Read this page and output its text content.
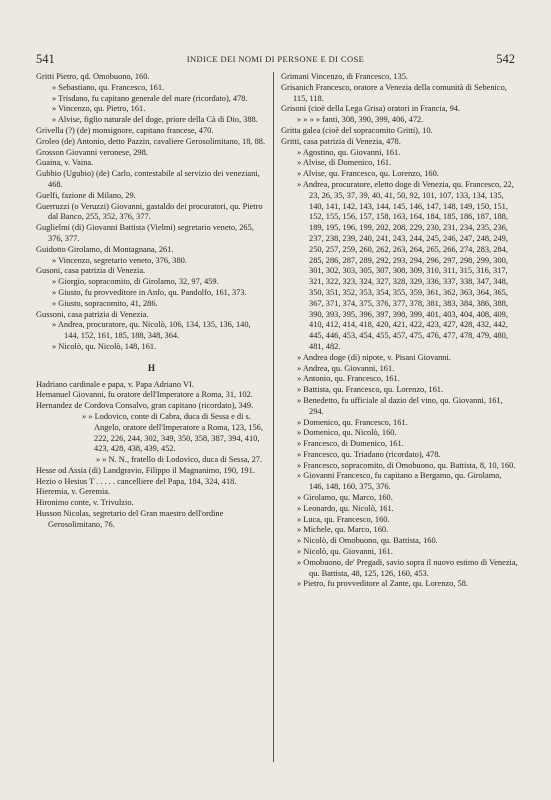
541	INDICE DEI NOMI DI PERSONE E DI COSE	542
Gritti Pietro, qd. Omobuono, 160.
» Sebastiano, qu. Francesco, 161.
» Trisdano, fu capitano generale del mare (ricordato), 478.
» Vincenzo, qu. Pietro, 161.
» Alvise, figlio naturale del doge, priore della Cà di Dio, 388.
Grivella (?) (de) monsignore, capitano francese, 470.
Groleo (de) Antonio, detto Pazzin, cavaliere Gerosolimitano, 18, 88.
Grosson Giovanni veronese, 298.
Guaina, v. Vaina.
Gubbio (Ugubio) (de) Carlo, contestabile al servizio dei veneziani, 468.
Guelfi, fazione di Milano, 29.
Guerruzzi (o Veruzzi) Giovanni, gastaldo dei procuratori, qu. Pietro dal Banco, 255, 352, 376, 377.
Guglielmi (di) Giovanni Battista (Vielmi) segretario veneto, 265, 376, 377.
Guidotto Girolamo, di Montagnana, 261.
» Vincenzo, segretario veneto, 376, 380.
Gusoni, casa patrizia di Venezia.
» Giorgio, sopracomito, di Girolamo, 32, 97, 459.
» Giusto, fu provveditore in Anfo, qu. Pandolfo, 161, 373.
» Giusto, sopracomito, 41, 286.
Gussoni, casa patrizia di Venezia.
» Andrea, procuratore, qu. Nicolò, 106, 134, 135, 136, 140, 144, 152, 161, 185, 188, 348, 364.
» Nicolò, qu. Nicolò, 148, 161.
H
Hadriano cardinale e papa, v. Papa Adriano VI.
Hemanuel Giovanni, fu oratore dell'Imperatore a Roma, 31, 102.
Hernandez de Cordova Consalvo, gran capitano (ricordato), 349.
» » Lodovico, conte di Cabra, duca di Sessa e di s. Angelo, oratore dell'Imperatore a Roma, 123, 156, 222, 226, 244, 302, 349, 350, 358, 387, 394, 410, 423, 428, 438, 439, 452.
» » N. N., fratello di Lodovico, duca di Sessa, 27.
Hesse od Assia (di) Landgravio, Filippo il Magnanimo, 190, 191.
Hezio o Hesius T . . . . . cancelliere del Papa, 184, 324, 418.
Hieremia, v. Geremia.
Hironimo conte, v. Trivulzio.
Husson Nicolas, segretario del Gran maestro dell'ordine Gerosolimitano, 76.
Grimani Vincenzo, di Francesco, 135.
Grisanich Francesco, oratore a Venezia della comunità di Sebenico, 115, 118.
Grisoni (cioè della Lega Grisa) oratori in Francia, 94.
» » » » fanti, 308, 390, 399, 406, 472.
Gritta galea (cioè del sopracomito Gritti), 10.
Gritti, casa patrizia di Venezia, 478.
» Agostino, qu. Giovanni, 161.
» Alvise, di Domenico, 161.
» Alvise, qu. Francesco, qu. Lorenzo, 160.
» Andrea, procuratore, eletto doge di Venezia, qu. Francesco, 22, 23, 26, 35, 37, 39, 40, 41, 50, 92, 101, 107, 133, 134, 135, 140, 141, 142, 143, 144, 145, 146, 147, 148, 149, 150, 151, 152, 155, 156, 157, 158, 163, 164, 184, 185, 186, 187, 188, 189, 195, 196, 199, 202, 208, 229, 230, 231, 234, 235, 236, 237, 238, 239, 240, 241, 243, 244, 245, 246, 247, 248, 249, 250, 257, 259, 260, 262, 263, 264, 265, 266, 274, 283, 284, 285, 286, 287, 289, 292, 293, 294, 296, 297, 298, 299, 300, 301, 302, 303, 305, 307, 308, 309, 310, 311, 315, 316, 317, 321, 322, 323, 324, 327, 328, 329, 336, 337, 338, 347, 348, 350, 351, 352, 353, 354, 355, 359, 361, 362, 363, 364, 365, 367, 371, 374, 375, 376, 377, 378, 381, 383, 384, 386, 388, 390, 393, 395, 396, 397, 398, 399, 401, 403, 404, 408, 409, 410, 412, 414, 418, 420, 421, 422, 423, 427, 428, 432, 442, 445, 446, 453, 454, 455, 457, 475, 476, 477, 478, 479, 480, 481, 482.
» Andrea doge (di) nipote, v. Pisani Giovanni.
» Andrea, qu. Giovanni, 161.
» Antonio, qu. Francesco, 161.
» Battista, qu. Francesco, qu. Lorenzo, 161.
» Benedetto, fu ufficiale al dazio del vino, qu. Giovanni, 161, 294.
» Domenico, qu. Francesco, 161.
» Domenico, qu. Nicolò, 160.
» Francesco, di Domenico, 161.
» Francesco, qu. Triadano (ricordato), 478.
» Francesco, sopracomito, di Omobuono, qu. Battista, 8, 10, 160.
» Giovanni Francesco, fu capitano a Bergamo, qu. Girolamo, 146, 148, 160, 375, 376.
» Girolamo, qu. Marco, 160.
» Leonardo, qu. Nicolò, 161.
» Luca, qu. Francesco, 160.
» Michele, qu. Marco, 160.
» Nicolò, di Omobuono, qu. Battista, 160.
» Nicolò, qu. Giovanni, 161.
» Omobuono, de' Pregadi, savio sopra il nuovo estimo di Venezia, qu. Battista, 48, 125, 126, 160, 453.
» Pietro, fu provveditore al Zante, qu. Lorenzo, 58.
